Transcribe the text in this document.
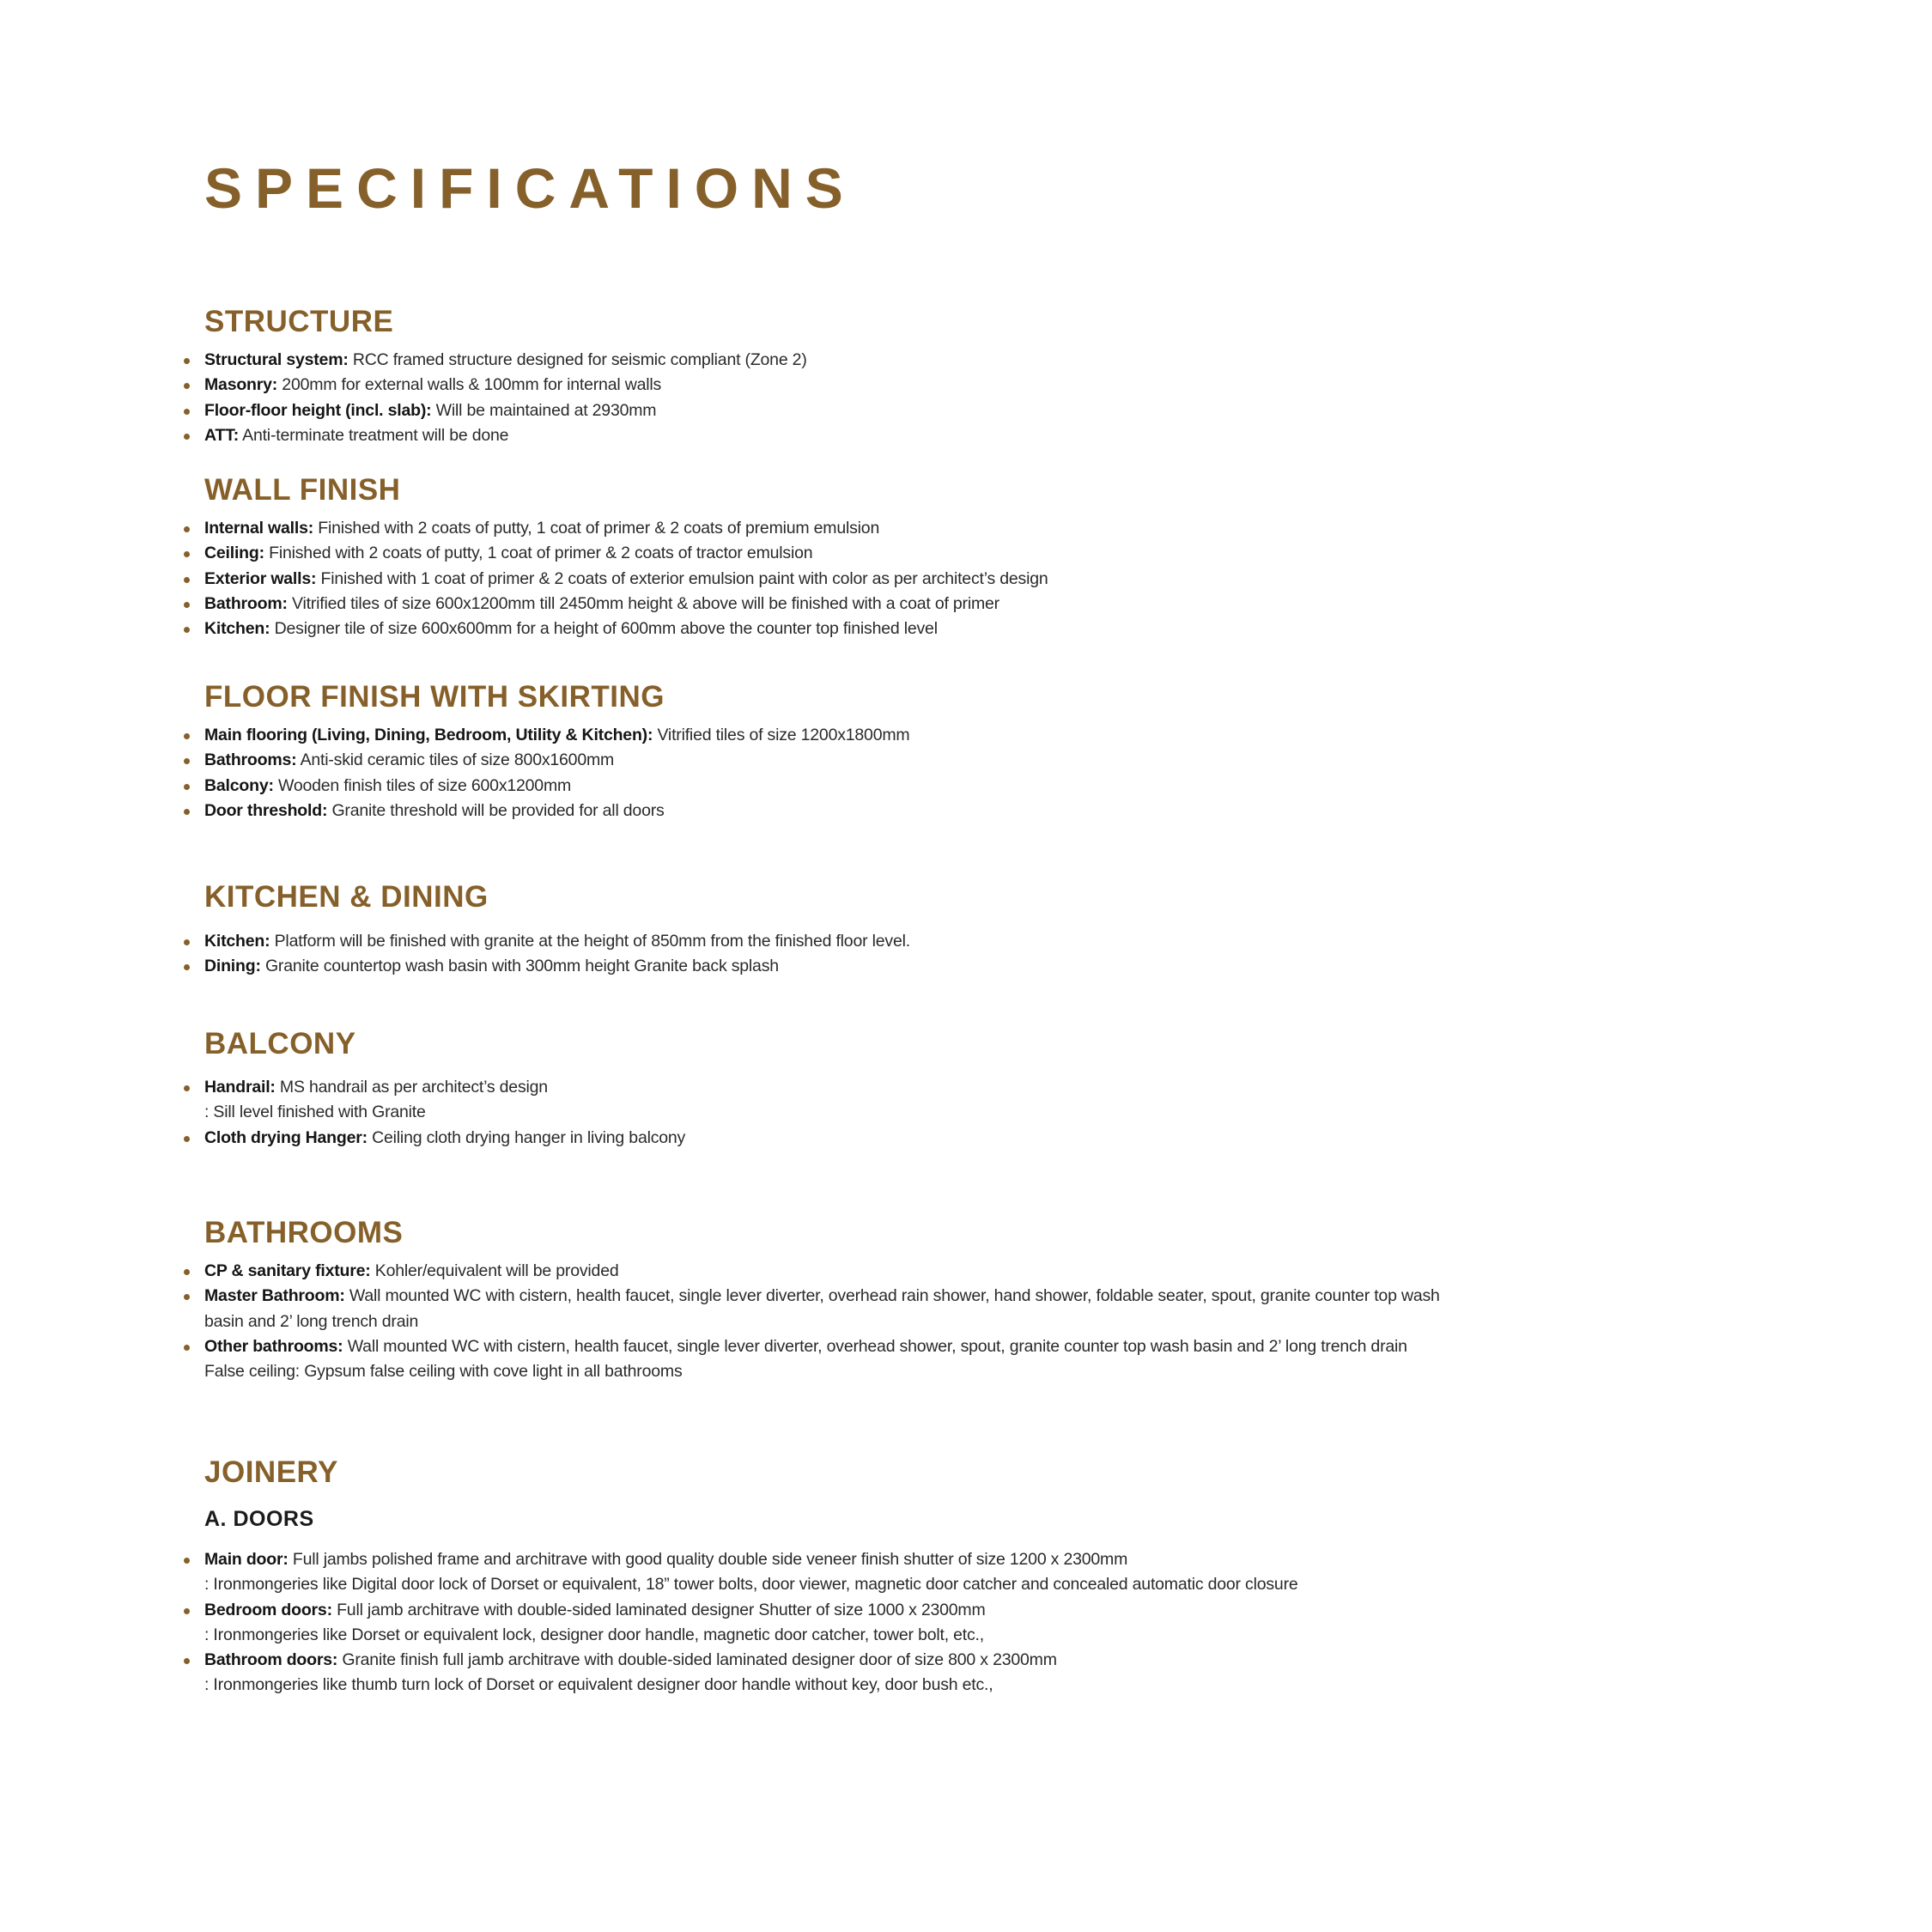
SPECIFICATIONS
STRUCTURE
Structural system: RCC framed structure designed for seismic compliant (Zone 2)
Masonry: 200mm for external walls & 100mm for internal walls
Floor-floor height (incl. slab): Will be maintained at 2930mm
ATT: Anti-terminate treatment will be done
WALL FINISH
Internal walls: Finished with 2 coats of putty, 1 coat of primer & 2 coats of premium emulsion
Ceiling: Finished with 2 coats of putty, 1 coat of primer & 2 coats of tractor emulsion
Exterior walls: Finished with 1 coat of primer & 2 coats of exterior emulsion paint with color as per architect’s design
Bathroom: Vitrified tiles of size 600x1200mm till 2450mm height & above will be finished with a coat of primer
Kitchen: Designer tile of size 600x600mm for a height of 600mm above the counter top finished level
FLOOR FINISH WITH SKIRTING
Main flooring (Living, Dining, Bedroom, Utility & Kitchen): Vitrified tiles of size 1200x1800mm
Bathrooms: Anti-skid ceramic tiles of size 800x1600mm
Balcony: Wooden finish tiles of size 600x1200mm
Door threshold: Granite threshold will be provided for all doors
KITCHEN & DINING
Kitchen: Platform will be finished with granite at the height of 850mm from the finished floor level.
Dining: Granite countertop wash basin with 300mm height Granite back splash
BALCONY
Handrail: MS handrail as per architect’s design
: Sill level finished with Granite
Cloth drying Hanger: Ceiling cloth drying hanger in living balcony
BATHROOMS
CP & sanitary fixture: Kohler/equivalent will be provided
Master Bathroom: Wall mounted WC with cistern, health faucet, single lever diverter, overhead rain shower, hand shower, foldable seater, spout, granite counter top wash basin and 2’ long trench drain
Other bathrooms: Wall mounted WC with cistern, health faucet, single lever diverter, overhead shower, spout, granite counter top wash basin and 2’ long trench drain
False ceiling: Gypsum false ceiling with cove light in all bathrooms
JOINERY
A. DOORS
Main door: Full jambs polished frame and architrave with good quality double side veneer finish shutter of size 1200 x 2300mm
: Ironmongeries like Digital door lock of Dorset or equivalent, 18” tower bolts, door viewer, magnetic door catcher and concealed automatic door closure
Bedroom doors: Full jamb architrave with double-sided laminated designer Shutter of size 1000 x 2300mm
: Ironmongeries like Dorset or equivalent lock, designer door handle, magnetic door catcher, tower bolt, etc.,
Bathroom doors: Granite finish full jamb architrave with double-sided laminated designer door of size 800 x 2300mm
: Ironmongeries like thumb turn lock of Dorset or equivalent designer door handle without key, door bush etc.,
